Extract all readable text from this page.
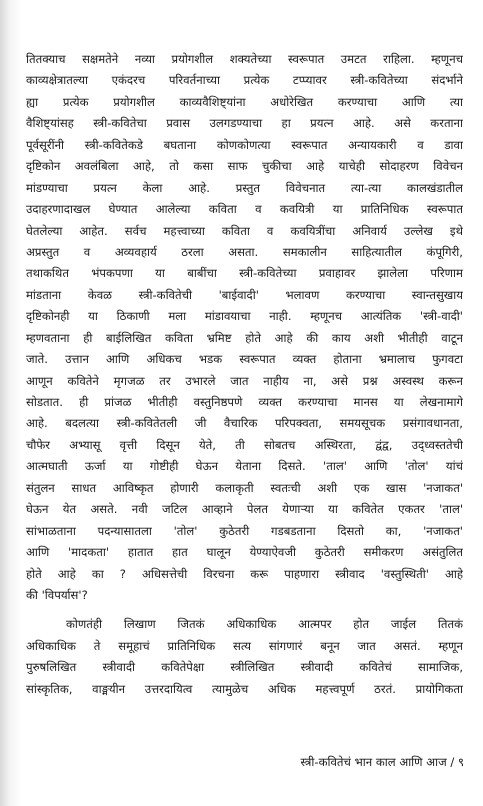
तितक्याच सक्षमतेने नव्या प्रयोगशील शक्यतेच्या स्वरूपात उमटत राहिला. म्हणूनच
काव्यक्षेत्रातल्या एकंदरच परिवर्तनाच्या प्रत्येक टप्प्यावर स्त्री-कवितेच्या संदर्भाने
ह्या प्रत्येक प्रयोगशील काव्यवैशिष्ट्यांना अधोरेखित करण्याचा आणि त्या
वैशिष्ट्यांसह स्त्री-कवितेचा प्रवास उलगडण्याचा हा प्रयत्न आहे. असे करताना
पूर्वसूरींनी स्त्री-कवितेकडे बघताना कोणकोणत्या स्वरूपात अन्यायकारी व डावा
दृष्टिकोन अवलंबिला आहे, तो कसा साफ चुकीचा आहे याचेही सोदाहरण विवेचन
मांडण्याचा प्रयत्न केला आहे. प्रस्तुत विवेचनात त्या-त्या कालखंडातील
उदाहरणादाखल घेण्यात आलेल्या कविता व कवयित्री या प्रातिनिधिक स्वरूपात
घेतलेल्या आहेत. सर्वच महत्त्वाच्या कविता व कवयित्रींचा अनिवार्य उल्लेख इथे
अप्रस्तुत व अव्यवहार्य ठरला असता. समकालीन साहित्यातील कंपूगिरी,
तथाकथित भंपकपणा या बाबींचा स्त्री-कवितेच्या प्रवाहावर झालेला परिणाम
मांडताना केवळ स्त्री-कवितेची 'बाईवादी' भलावण करण्याचा स्वान्तसुखाय
दृष्टिकोनही या ठिकाणी मला मांडावयाचा नाही. म्हणूनच आत्यंतिक 'स्त्री-वादी'
म्हणवताना ही बाईलिखित कविता भ्रमिष्ट होते आहे की काय अशी भीतीही वाटून
जाते. उत्तान आणि अधिकच भडक स्वरूपात व्यक्त होताना भ्रमालाच फुगवटा
आणून कवितेने मृगजळ तर उभारले जात नाहीय ना, असे प्रश्न अस्वस्थ करून
सोडतात. ही प्रांजळ भीतीही वस्तुनिष्ठपणे व्यक्त करण्याचा मानस या लेखनामागे
आहे. बदलत्या स्त्री-कवितेतली जी वैचारिक परिपक्वता, समयसूचक प्रसंगावधानता,
चौफेर अभ्यासू वृत्ती दिसून येते, ती सोबतच अस्थिरता, द्वंद्व, उद्ध्वस्ततेची
आत्मघाती ऊर्जा या गोष्टीही घेऊन येताना दिसते. 'ताल' आणि 'तोल' यांचं
संतुलन साधत आविष्कृत होणारी कलाकृती स्वतःची अशी एक खास 'नजाकत'
घेऊन येत असते. नवी जटिल आव्हाने पेलत येणाऱ्या या कवितेत एकतर 'ताल'
सांभाळताना पदन्यासातला 'तोल' कुठेतरी गडबडताना दिसतो का, 'नजाकत'
आणि 'मादकता' हातात हात घालून येण्याऐवजी कुठेतरी समीकरण असंतुलित
होते आहे का ? अधिसत्तेची विरचना करू पाहणारा स्त्रीवाद 'वस्तुस्थिती' आहे
की 'विपर्यास'?
कोणतंही लिखाण जितकं अधिकाधिक आत्मपर होत जाईल तितकं
अधिकाधिक ते समूहाचं प्रातिनिधिक सत्य सांगणारं बनून जात असतं. म्हणून
पुरुषलिखित स्त्रीवादी कवितेपेक्षा स्त्रीलिखित स्त्रीवादी कवितेचं सामाजिक,
सांस्कृतिक, वाङ्मयीन उत्तरदायित्व त्यामुळेच अधिक महत्त्वपूर्ण ठरतं. प्रायोगिकता
स्त्री-कवितेचं भान काल आणि आज / ९
